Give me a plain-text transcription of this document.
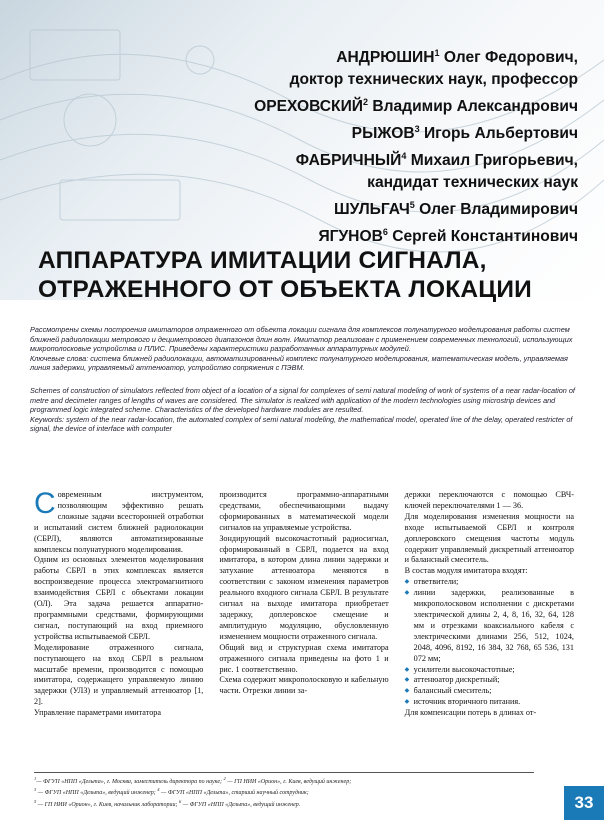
АНДРЮШИН$^1$ Олег Федорович,
доктор технических наук, профессор
ОРЕХОВСКИЙ$^2$ Владимир Александрович
РЫЖОВ$^3$ Игорь Альбертович
ФАБРИЧНЫЙ$^4$ Михаил Григорьевич,
кандидат технических наук
ШУЛЬГАЧ$^5$ Олег Владимирович
ЯГУНОВ$^6$ Сергей Константинович
АППАРАТУРА ИМИТАЦИИ СИГНАЛА,
ОТРАЖЕННОГО ОТ ОБЪЕКТА ЛОКАЦИИ

Рассмотрены схемы построения имитаторов отраженного от объекта локации сигнала для комплексов полунатурного моделирования работы систем ближней радиолокации метрового и дециметрового диапазонов длин волн. Имитатор реализован с применением современных технологий, использующих микрополосковые устройства и ПЛИС. Приведены характеристики разработанных аппаратурных модулей.

Ключевые слова: система ближней радиолокации, автоматизированный комплекс полунатурного моделирования, математическая модель, управляемая линия задержки, управляемый аттенюатор, устройство сопряжения с ПЭВМ.

Schemes of construction of simulators reflected from object of a location of a signal for complexes of semi natural modeling of work of systems of a near radar-location of metre and decimeter ranges of lengths of waves are considered. The simulator is realized with application of the modern technologies using microstrip devices and programmed logic integrated scheme. Characteristics of the developed hardware modules are resulted.

Keywords: system of the near radar-location, the automated complex of semi natural modeling, the mathematical model, operated line of the delay, operated restricter of signal, the device of interface with computer

Современным инструментом, позволяющим эффективно решать сложные задачи всесторонней отработки и испытаний систем ближней радиолокации (СБРЛ), являются автоматизированные комплексы полунатурного моделирования.

Одним из основных элементов моделирования работы СБРЛ в этих комплексах является воспроизведение процесса электромагнитного взаимодействия СБРЛ с объектами локации (ОЛ). Эта задача решается аппаратно-программными средствами, формирующими сигнал, поступающий на вход приемного устройства испытываемой СБРЛ.

Моделирование отраженного сигнала, поступающего на вход СБРЛ в реальном масштабе времени, производится с помощью имитатора, содержащего управляемую линию задержки (УЛЗ) и управляемый аттенюатор [1, 2].

Управление параметрами имитатора

производится программно-аппаратными средствами, обеспечивающими выдачу сформированных в математической модели сигналов на управляемые устройства.

Зондирующий высокочастотный радиосигнал, сформированный в СБРЛ, подается на вход имитатора, в котором длина линии задержки и затухание аттенюатора меняются в соответствии с законом изменения параметров реального входного сигнала СБРЛ. В результате сигнал на выходе имитатора приобретает задержку, доплеровское смещение и амплитудную модуляцию, обусловленную изменением мощности отраженного сигнала.

Общий вид и структурная схема имитатора отраженного сигнала приведены на фото 1 и рис. 1 соответственно.

Схема содержит микрополосковую и кабельную части. Отрезки линии за-

держки переключаются с помощью СВЧ-ключей переключателями 1 — 36.

Для моделирования изменения мощности на входе испытываемой СБРЛ и контроля доплеровского смещения частоты модуль содержит управляемый дискретный аттенюатор и балансный смеситель.

В состав модуля имитатора входят:

◆ ответвители;
◆ линии задержки, реализованные в микрополосковом исполнении с дискретами электрической длины 2, 4, 8, 16, 32, 64, 128 мм и отрезками коаксиального кабеля с электрическими длинами 256, 512, 1024, 2048, 4096, 8192, 16 384, 32 768, 65 536, 131 072 мм;
◆ усилители высокочастотные;
◆ аттенюатор дискретный;
◆ балансный смеситель;
◆ источник вторичного питания.

Для компенсации потерь в длинах от-

$^1$— ФГУП «НПП «Дельта», г. Москва, заместитель директора по науке; $^2$ — ГП НИИ «Орион», г. Киев, ведущий инженер;
$^3$ — ФГУП «НПП «Дельта», ведущий инженер; $^4$ — ФГУП «НПП «Дельта», старший научный сотрудник;
$^5$ — ГП НИИ «Орион», г. Киев, начальник лаборатории; $^6$ — ФГУП «НПП «Дельта», ведущий инженер.	33
